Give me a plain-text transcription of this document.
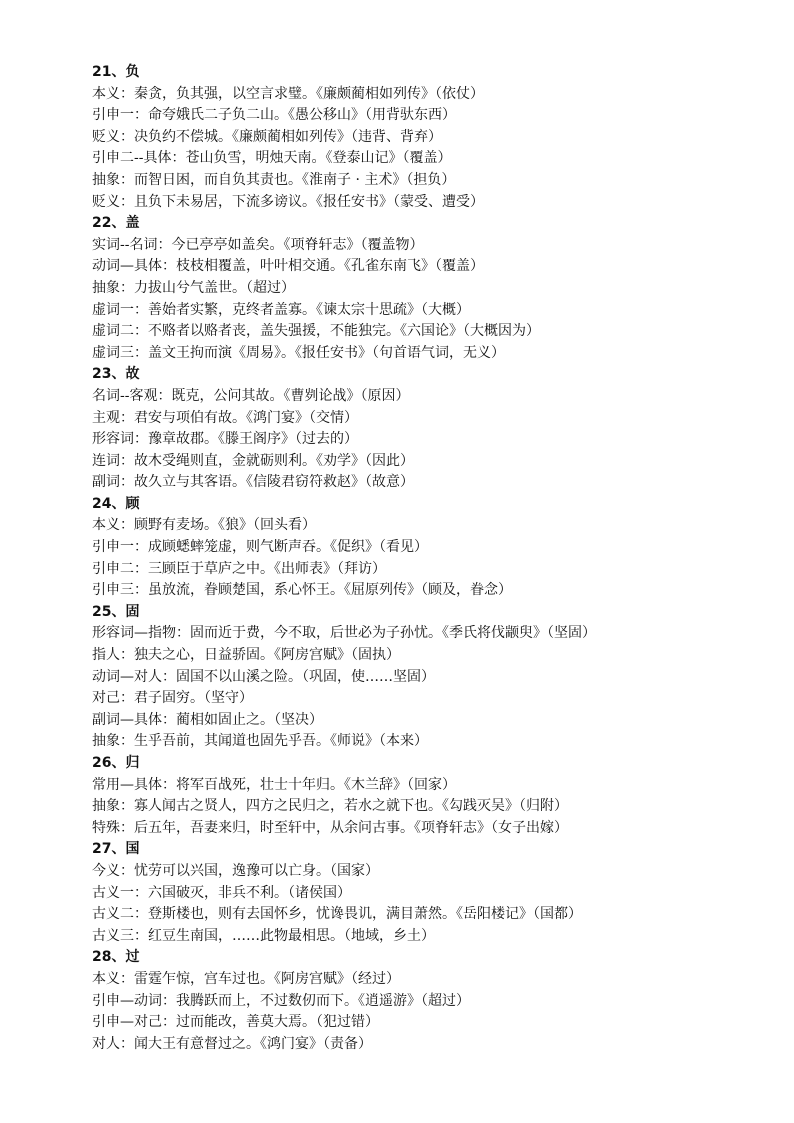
21、负
本义：秦贪，负其强，以空言求璧。《廉颇蔺相如列传》（依仗）
引申一：命夸娥氏二子负二山。《愚公移山》（用背驮东西）
贬义：决负约不偿城。《廉颇蔺相如列传》（违背、背弃）
引申二--具体：苍山负雪，明烛天南。《登泰山记》（覆盖）
抽象：而智日困，而自负其责也。《淮南子 · 主术》（担负）
贬义：且负下未易居，下流多谤议。《报任安书》（蒙受、遭受）
22、盖
实词--名词：今已亭亭如盖矣。《项脊轩志》（覆盖物）
动词—具体：枝枝相覆盖，叶叶相交通。《孔雀东南飞》（覆盖）
抽象：力拔山兮气盖世。（超过）
虚词一：善始者实繁，克终者盖寡。《谏太宗十思疏》（大概）
虚词二：不赂者以赂者丧，盖失强援，不能独完。《六国论》（大概因为）
虚词三：盖文王拘而演《周易》。《报任安书》（句首语气词，无义）
23、故
名词--客观：既克，公问其故。《曹刿论战》（原因）
主观：君安与项伯有故。《鸿门宴》（交情）
形容词：豫章故郡。《滕王阁序》（过去的）
连词：故木受绳则直，金就砺则利。《劝学》（因此）
副词：故久立与其客语。《信陵君窃符救赵》（故意）
24、顾
本义：顾野有麦场。《狼》（回头看）
引申一：成顾蟋蟀笼虚，则气断声吞。《促织》（看见）
引申二：三顾臣于草庐之中。《出师表》（拜访）
引申三：虽放流，眷顾楚国，系心怀王。《屈原列传》（顾及，眷念）
25、固
形容词—指物：固而近于费，今不取，后世必为子孙忧。《季氏将伐颛臾》（坚固）
指人：独夫之心，日益骄固。《阿房宫赋》（固执）
动词—对人：固国不以山溪之险。（巩固，使……坚固）
对己：君子固穷。（坚守）
副词—具体：蔺相如固止之。（坚决）
抽象：生乎吾前，其闻道也固先乎吾。《师说》（本来）
26、归
常用—具体：将军百战死，壮士十年归。《木兰辞》（回家）
抽象：寡人闻古之贤人，四方之民归之，若水之就下也。《勾践灭吴》（归附）
特殊：后五年，吾妻来归，时至轩中，从余问古事。《项脊轩志》（女子出嫁）
27、国
今义：忧劳可以兴国，逸豫可以亡身。（国家）
古义一：六国破灭，非兵不利。（诸侯国）
古义二：登斯楼也，则有去国怀乡，忧谗畏讥，满目萧然。《岳阳楼记》（国都）
古义三：红豆生南国，……此物最相思。（地域，乡土）
28、过
本义：雷霆乍惊，宫车过也。《阿房宫赋》（经过）
引申—动词：我腾跃而上，不过数仞而下。《逍遥游》（超过）
引申—对己：过而能改，善莫大焉。（犯过错）
对人：闻大王有意督过之。《鸿门宴》（责备）
